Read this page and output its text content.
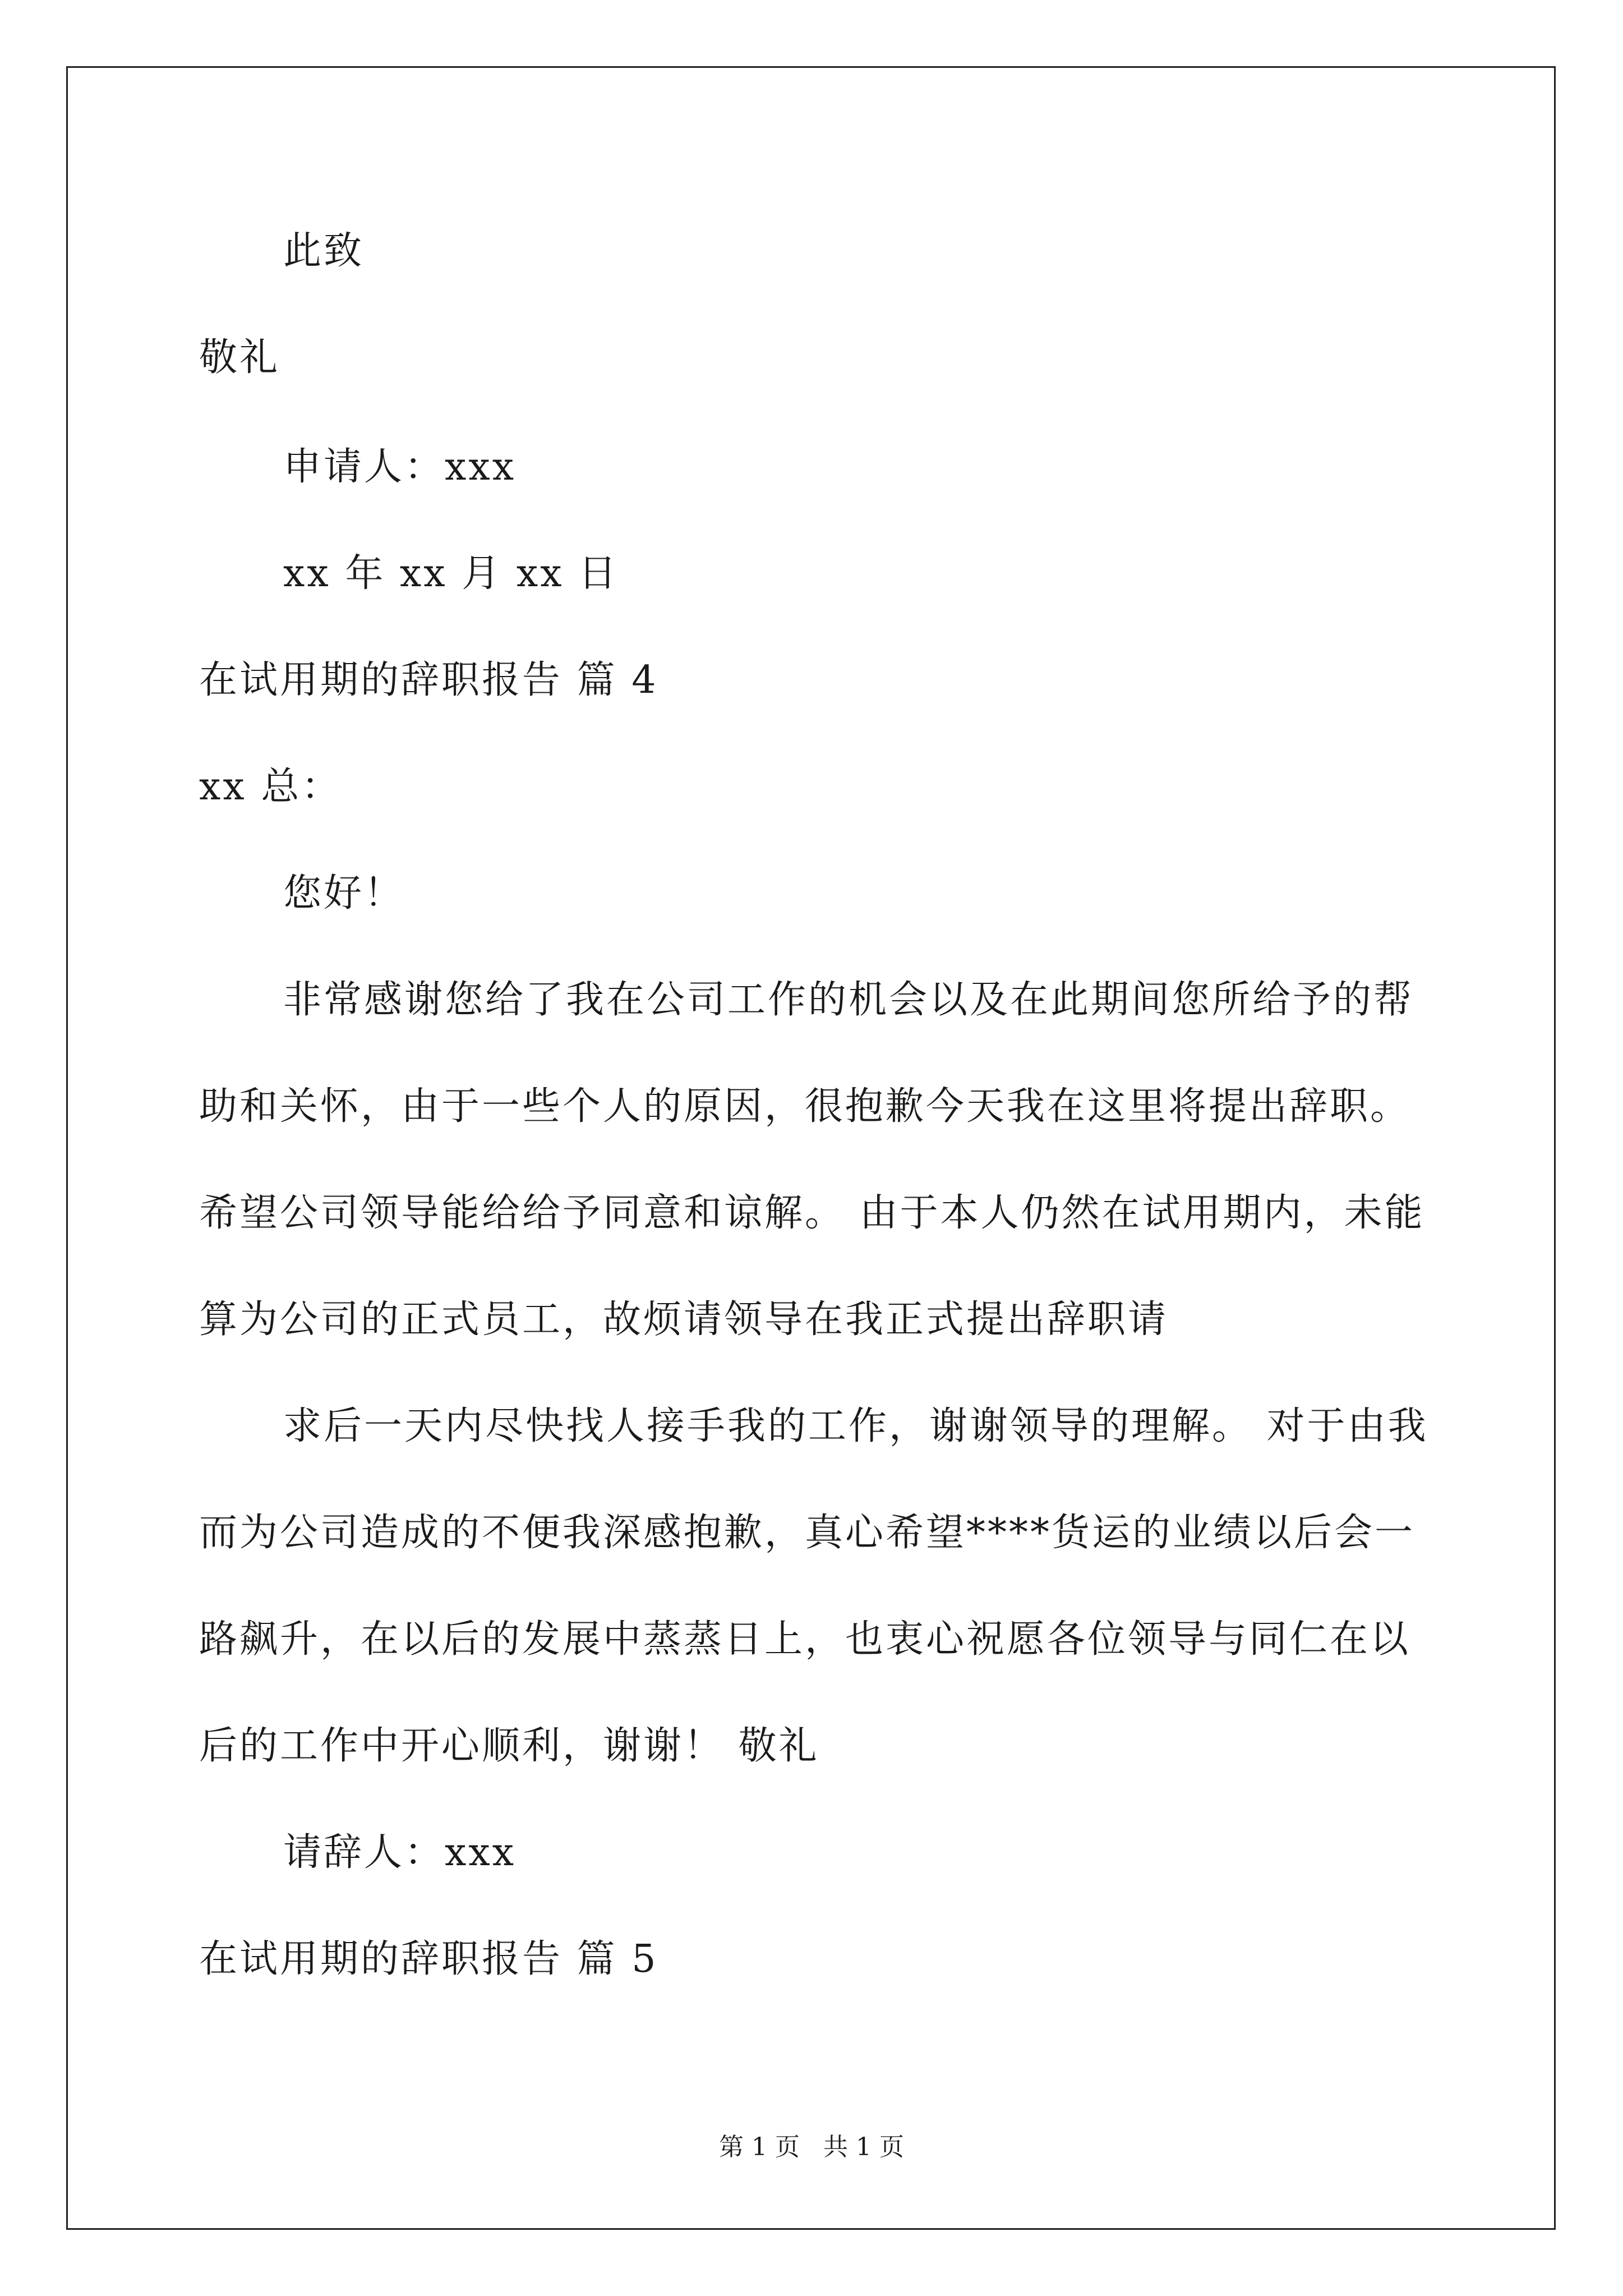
此致
敬礼
申请人：xxx
xx 年 xx 月 xx 日
在试用期的辞职报告 篇 4
xx 总：
您好！
非常感谢您给了我在公司工作的机会以及在此期间您所给予的帮
助和关怀，由于一些个人的原因，很抱歉今天我在这里将提出辞职。
希望公司领导能给给予同意和谅解。 由于本人仍然在试用期内，未能
算为公司的正式员工，故烦请领导在我正式提出辞职请
求后一天内尽快找人接手我的工作，谢谢领导的理解。 对于由我
而为公司造成的不便我深感抱歉，真心希望****货运的业绩以后会一
路飙升，在以后的发展中蒸蒸日上，也衷心祝愿各位领导与同仁在以
后的工作中开心顺利，谢谢！ 敬礼
请辞人：xxx
在试用期的辞职报告 篇 5
第 1 页   共 1 页
